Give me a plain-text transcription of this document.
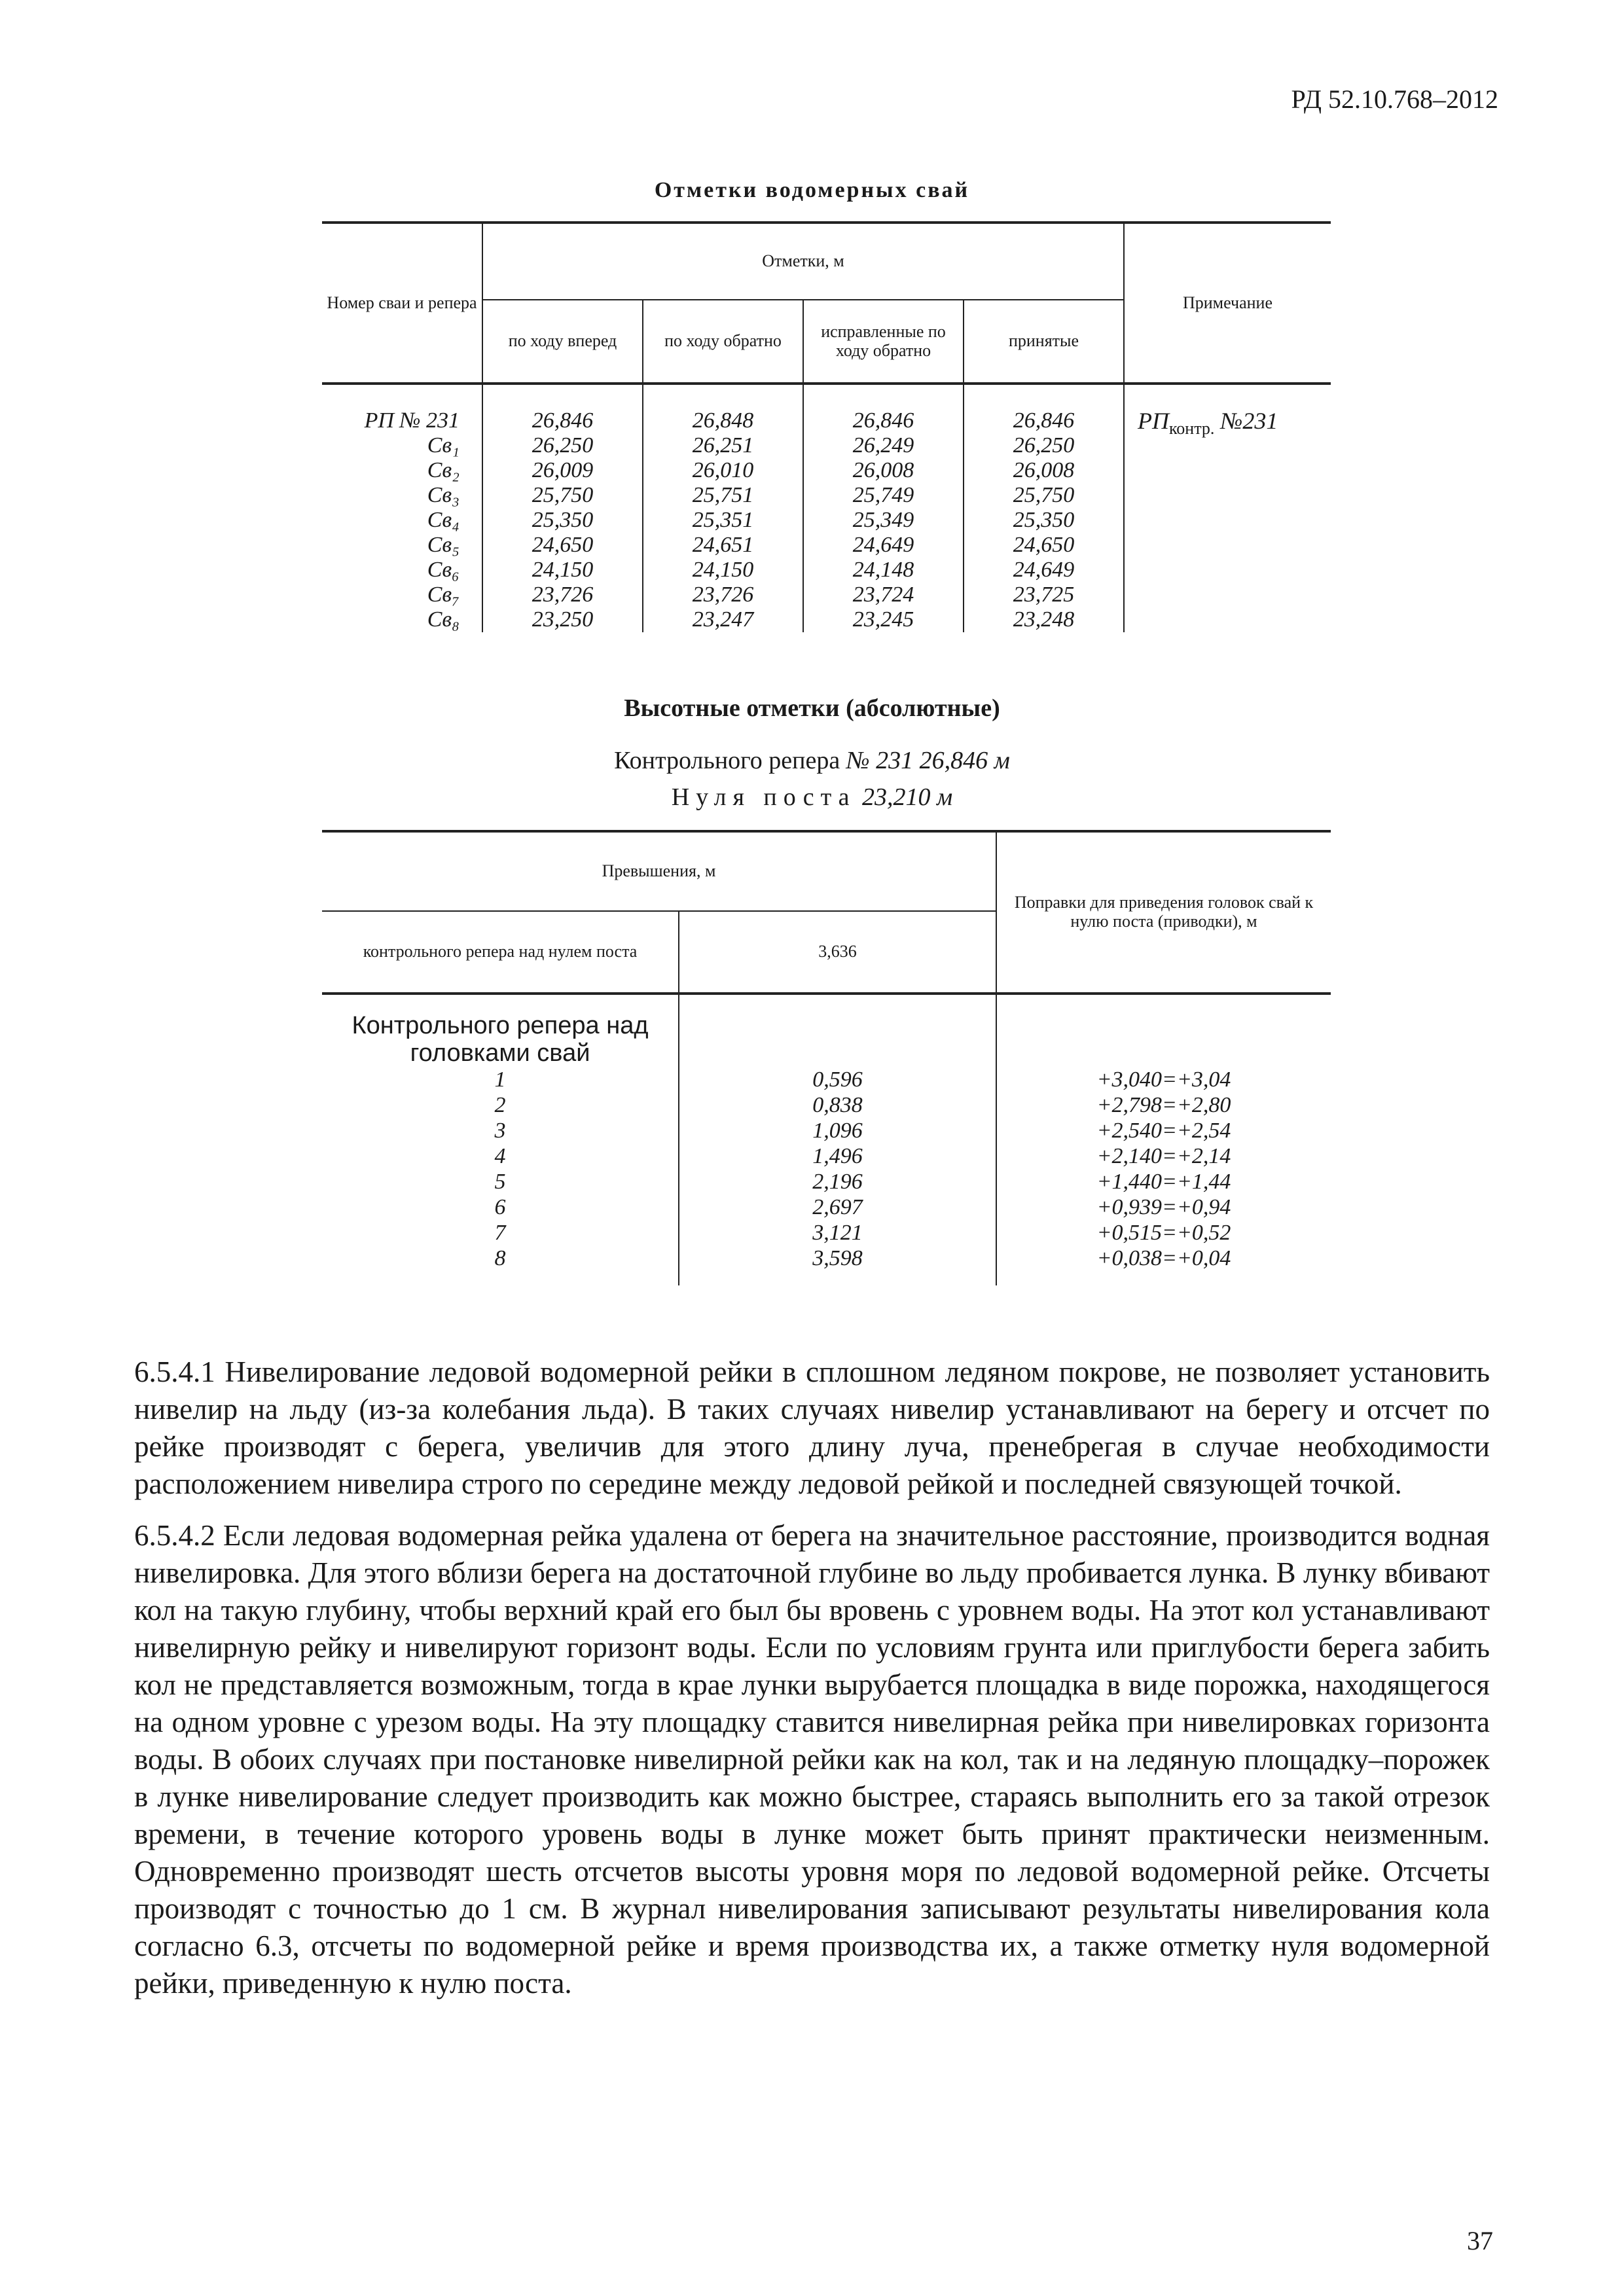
РД 52.10.768–2012
Отметки водомерных свай
Номер сваи и репера	Отметки, м				Примечание
	по ходу вперед	по ходу обратно	исправленные по ходу обратно	принятые	
РП № 231	26,846	26,848	26,846	26,846	$РП_{контр.}$ №231
Св₁	26,250	26,251	26,249	26,250	
Св₂	26,009	26,010	26,008	26,008	
Св₃	25,750	25,751	25,749	25,750	
Св₄	25,350	25,351	25,349	25,350	
Св₅	24,650	24,651	24,649	24,650	
Св₆	24,150	24,150	24,148	24,649	
Св₇	23,726	23,726	23,724	23,725	
Св₈	23,250	23,247	23,245	23,248	
Высотные отметки (абсолютные)
Контрольного репера № 231 26,846 м
Нуля поста 23,210 м
Превышения, м		Поправки для приведения головок свай к нулю поста (приводки), м
контрольного репера над нулем поста	3,636	
Контрольного репера над головками свай		
1	0,596	+3,040=+3,04
2	0,838	+2,798=+2,80
3	1,096	+2,540=+2,54
4	1,496	+2,140=+2,14
5	2,196	+1,440=+1,44
6	2,697	+0,939=+0,94
7	3,121	+0,515=+0,52
8	3,598	+0,038=+0,04
6.5.4.1 Нивелирование ледовой водомерной рейки в сплошном ледяном покрове, не позволяет установить нивелир на льду (из-за колебания льда). В таких случаях нивелир устанавливают на берегу и отсчет по рейке производят с берега, увеличив для этого длину луча, пренебрегая в случае необходимости расположением нивелира строго по середине между ледовой рейкой и последней связующей точкой.
6.5.4.2 Если ледовая водомерная рейка удалена от берега на значительное расстояние, производится водная нивелировка. Для этого вблизи берега на достаточной глубине во льду пробивается лунка. В лунку вбивают кол на такую глубину, чтобы верхний край его был бы вровень с уровнем воды. На этот кол устанавливают нивелирную рейку и нивелируют горизонт воды. Если по условиям грунта или приглубости берега забить кол не представляется возможным, тогда в крае лунки вырубается площадка в виде порожка, находящегося на одном уровне с урезом воды. На эту площадку ставится нивелирная рейка при нивелировках горизонта воды. В обоих случаях при постановке нивелирной рейки как на кол, так и на ледяную площадку–порожек в лунке нивелирование следует производить как можно быстрее, стараясь выполнить его за такой отрезок времени, в течение которого уровень воды в лунке может быть принят практически неизменным. Одновременно производят шесть отсчетов высоты уровня моря по ледовой водомерной рейке. Отсчеты производят с точностью до 1 см. В журнал нивелирования записывают результаты нивелирования кола согласно 6.3, отсчеты по водомерной рейке и время производства их, а также отметку нуля водомерной рейки, приведенную к нулю поста.
37
